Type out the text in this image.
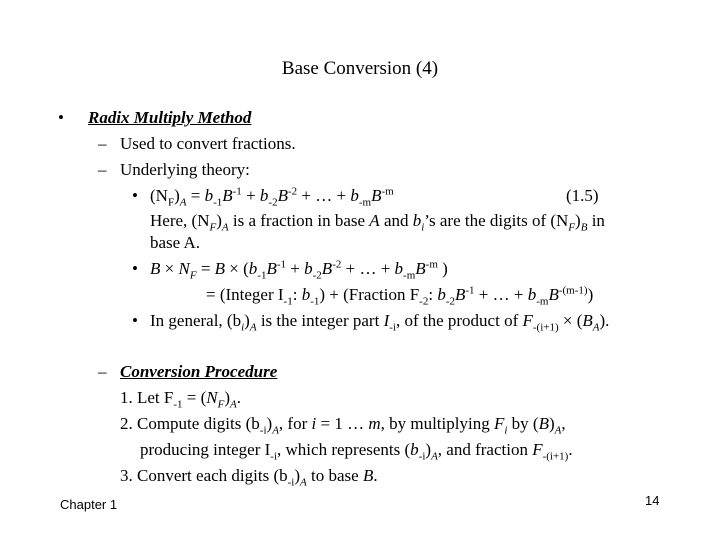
Base Conversion (4)
• Radix Multiply Method
– Used to convert fractions.
– Underlying theory:
• $(N_F)_A = b_{-1}B^{-1} + b_{-2}B^{-2}$ + … + $b_{-m}B^{-m}$	(1.5)
Here, $(N_F)_A$ is a fraction in base A and $b_i’s$ are the digits of $(N_F)_B$ in
base A.
• $B \times N_F = B \times (b_{-1}B^{-1} + b_{-2}B^{-2}$ + … + $b_{-m}B^{-m}$ )
= (Integer $I_{-1}$: $b_{-1}$) + (Fraction $F_{-2}$: $b_{-2}B^{-1}$ + … + $b_{-m}B^{-(m-1)}$)
• In general, $(b_i)_A$ is the integer part $I_{-i}$, of the product of $F_{-(i+1)} \times (B_A)$.
– Conversion Procedure
1. Let $F_{-1} = (N_F)_A$.
2. Compute digits $(b_{-i})_A$, for i = 1 … m, by multiplying $F_i$ by $(B)_A$,
producing integer $I_{-i}$, which represents $(b_{-i})_A$, and fraction $F_{-(i+1)}$.
3. Convert each digits $(b_{-i})_A$ to base B.
Chapter 1	14
